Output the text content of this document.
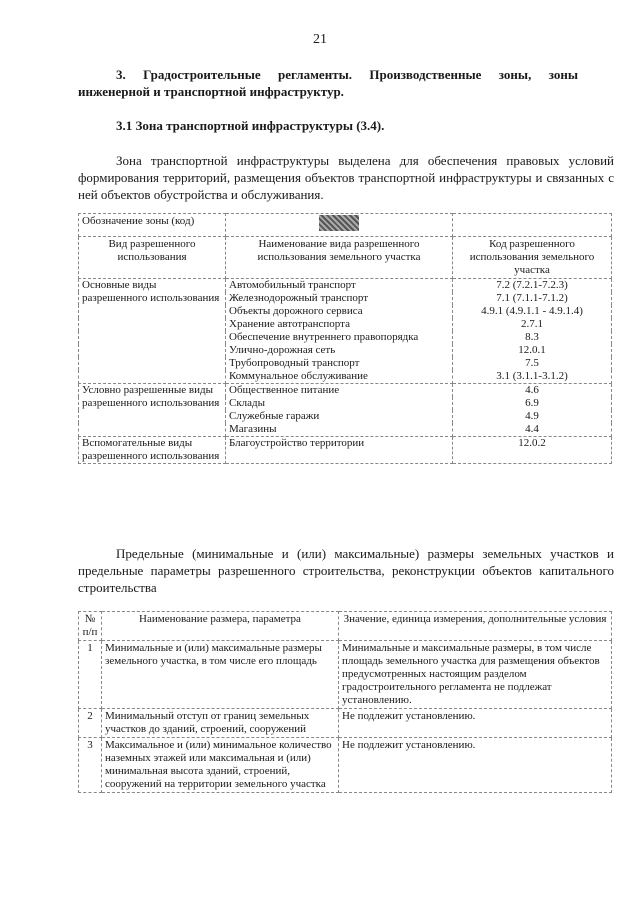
21
3. Градостроительные регламенты. Производственные зоны, зоны инженерной и транспортной инфраструктур.
3.1 Зона транспортной инфраструктуры (3.4).
Зона транспортной инфраструктуры выделена для обеспечения правовых условий формирования территорий, размещения объектов транспортной инфраструктуры и связанных с ней объектов обустройства и обслуживания.
Обозначение зоны (код)		
Вид разрешенного использования	Наименование вида разрешенного использования земельного участка	Код разрешенного использования земельного участка
Основные виды разрешенного использования	Автомобильный транспорт	7.2 (7.2.1-7.2.3)
	Железнодорожный транспорт	7.1 (7.1.1-7.1.2)
	Объекты дорожного сервиса	4.9.1 (4.9.1.1 - 4.9.1.4)
	Хранение автотранспорта	2.7.1
	Обеспечение внутреннего правопорядка	8.3
	Улично-дорожная сеть	12.0.1
	Трубопроводный транспорт	7.5
	Коммунальное обслуживание	3.1 (3.1.1-3.1.2)
Условно разрешенные виды разрешенного использования	Общественное питание	4.6
	Склады	6.9
	Служебные гаражи	4.9
	Магазины	4.4
Вспомогательные виды разрешенного использования	Благоустройство территории	12.0.2
Предельные (минимальные и (или) максимальные) размеры земельных участков и предельные параметры разрешенного строительства, реконструкции объектов капитального строительства
№ п/п	Наименование размера, параметра	Значение, единица измерения, дополнительные условия
1	Минимальные и (или) максимальные размеры земельного участка, в том числе его площадь	Минимальные и максимальные размеры, в том числе площадь земельного участка для размещения объектов предусмотренных настоящим разделом градостроительного регламента не подлежат установлению.
2	Минимальный отступ от границ земельных участков до зданий, строений, сооружений	Не подлежит установлению.
3	Максимальное и (или) минимальное количество наземных этажей или максимальная и (или) минимальная высота зданий, строений, сооружений на территории земельного участка	Не подлежит установлению.
